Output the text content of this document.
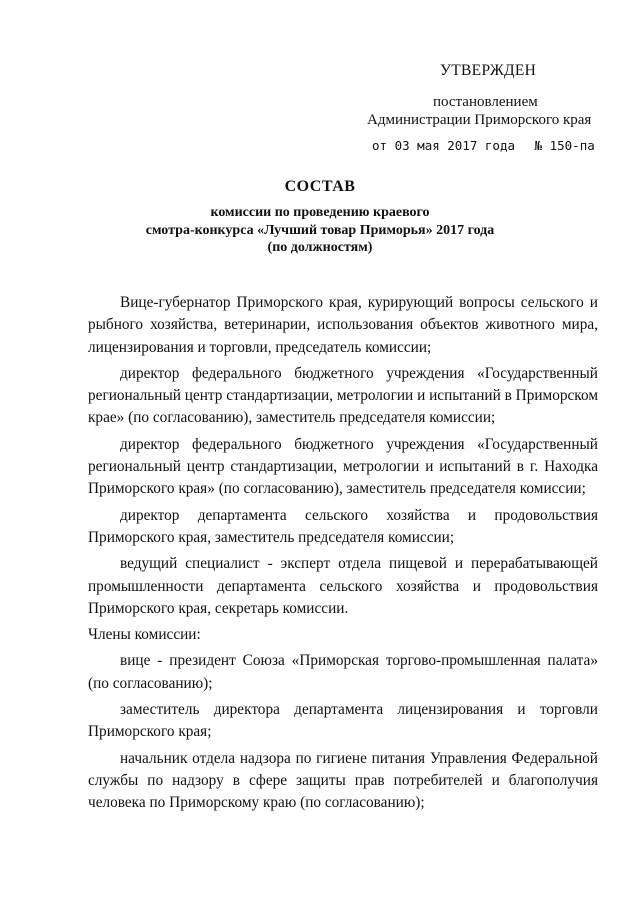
УТВЕРЖДЕН
постановлением
Администрации Приморского края
от 03 мая 2017 года № 150-па
СОСТАВ
комиссии по проведению краевого
смотра-конкурса «Лучший товар Приморья» 2017 года
(по должностям)

Вице-губернатор Приморского края, курирующий вопросы сельского и рыбного хозяйства, ветеринарии, использования объектов животного мира, лицензирования и торговли, председатель комиссии;

директор федерального бюджетного учреждения «Государственный региональный центр стандартизации, метрологии и испытаний в Приморском крае» (по согласованию), заместитель председателя комиссии;

директор федерального бюджетного учреждения «Государственный региональный центр стандартизации, метрологии и испытаний в г. Находка Приморского края» (по согласованию), заместитель председателя комиссии;

директор департамента сельского хозяйства и продовольствия Приморского края, заместитель председателя комиссии;

ведущий специалист - эксперт отдела пищевой и перерабатывающей промышленности департамента сельского хозяйства и продовольствия Приморского края, секретарь комиссии.

Члены комиссии:

вице - президент Союза «Приморская торгово-промышленная палата» (по согласованию);

заместитель директора департамента лицензирования и торговли Приморского края;

начальник отдела надзора по гигиене питания Управления Федеральной службы по надзору в сфере защиты прав потребителей и благополучия человека по Приморскому краю (по согласованию);
